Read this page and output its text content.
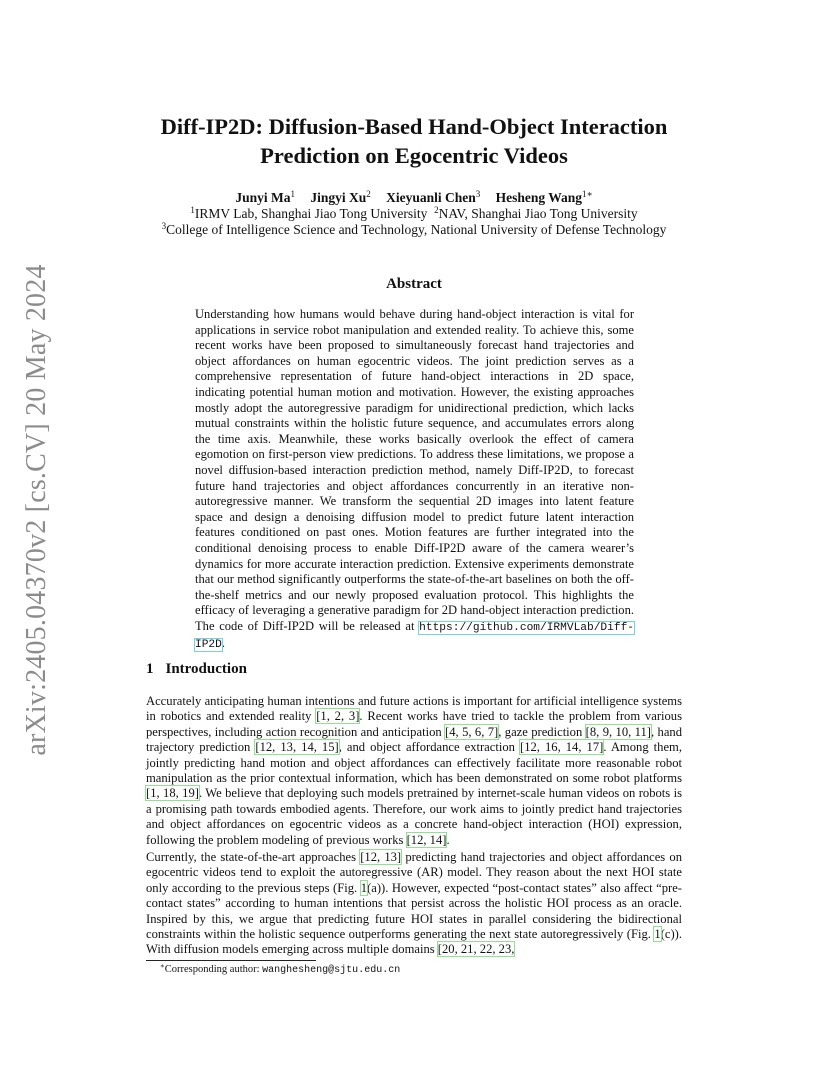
arXiv:2405.04370v2 [cs.CV] 20 May 2024
Diff-IP2D: Diffusion-Based Hand-Object Interaction
Prediction on Egocentric Videos
Junyi Ma$^1$ Jingyi Xu$^2$ Xieyuanli Chen$^3$ Hesheng Wang$^{1∗}$
$^1$IRMV Lab, Shanghai Jiao Tong University $^2$NAV, Shanghai Jiao Tong University
$^3$College of Intelligence Science and Technology, National University of Defense Technology
Abstract
Understanding how humans would behave during hand-object interaction is vital for applications in service robot manipulation and extended reality. To achieve this, some recent works have been proposed to simultaneously forecast hand trajectories and object affordances on human egocentric videos. The joint prediction serves as a comprehensive representation of future hand-object interactions in 2D space, indicating potential human motion and motivation. However, the existing approaches mostly adopt the autoregressive paradigm for unidirectional prediction, which lacks mutual constraints within the holistic future sequence, and accumulates errors along the time axis. Meanwhile, these works basically overlook the effect of camera egomotion on first-person view predictions. To address these limitations, we propose a novel diffusion-based interaction prediction method, namely Diff-IP2D, to forecast future hand trajectories and object affordances concurrently in an iterative non-autoregressive manner. We transform the sequential 2D images into latent feature space and design a denoising diffusion model to predict future latent interaction features conditioned on past ones. Motion features are further integrated into the conditional denoising process to enable Diff-IP2D aware of the camera wearer’s dynamics for more accurate interaction prediction. Extensive experiments demonstrate that our method significantly outperforms the state-of-the-art baselines on both the off-the-shelf metrics and our newly proposed evaluation protocol. This highlights the efficacy of leveraging a generative paradigm for 2D hand-object interaction prediction. The code of Diff-IP2D will be released at https://github.com/IRMVLab/Diff-IP2D.
1 Introduction
Accurately anticipating human intentions and future actions is important for artificial intelligence systems in robotics and extended reality [1, 2, 3]. Recent works have tried to tackle the problem from various perspectives, including action recognition and anticipation [4, 5, 6, 7], gaze prediction [8, 9, 10, 11], hand trajectory prediction [12, 13, 14, 15], and object affordance extraction [12, 16, 14, 17]. Among them, jointly predicting hand motion and object affordances can effectively facilitate more reasonable robot manipulation as the prior contextual information, which has been demonstrated on some robot platforms [1, 18, 19]. We believe that deploying such models pretrained by internet-scale human videos on robots is a promising path towards embodied agents. Therefore, our work aims to jointly predict hand trajectories and object affordances on egocentric videos as a concrete hand-object interaction (HOI) expression, following the problem modeling of previous works [12, 14].
Currently, the state-of-the-art approaches [12, 13] predicting hand trajectories and object affordances on egocentric videos tend to exploit the autoregressive (AR) model. They reason about the next HOI state only according to the previous steps (Fig. 1(a)). However, expected “post-contact states” also affect “pre-contact states” according to human intentions that persist across the holistic HOI process as an oracle. Inspired by this, we argue that predicting future HOI states in parallel considering the bidirectional constraints within the holistic sequence outperforms generating the next state autoregressively (Fig. 1(c)). With diffusion models emerging across multiple domains [20, 21, 22, 23,
∗Corresponding author: wanghesheng@sjtu.edu.cn
